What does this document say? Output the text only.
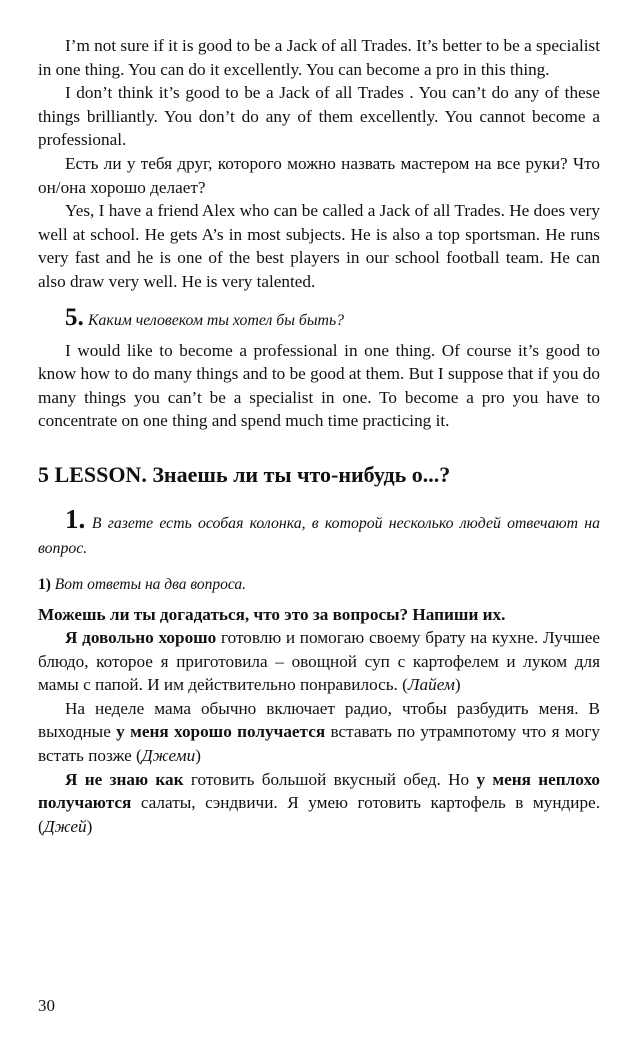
I’m not sure if it is good to be a Jack of all Trades. It’s better to be a specialist in one thing. You can do it excellently. You can become a pro in this thing.

I don’t think it’s good to be a Jack of all Trades . You can’t do any of these things brilliantly. You don’t do any of them excellently. You cannot become a professional.

Есть ли у тебя друг, которого можно назвать мастером на все руки? Что он/она хорошо делает?

Yes, I have a friend Alex who can be called a Jack of all Trades. He does very well at school. He gets A’s in most subjects. He is also a top sportsman. He runs very fast and he is one of the best players in our school football team. He can also draw very well. He is very talented.

5. Каким человеком ты хотел бы быть?

I would like to become a professional in one thing. Of course it’s good to know how to do many things and to be good at them. But I suppose that if you do many things you can’t be a specialist in one. To become a pro you have to concentrate on one thing and spend much time practicing it.

5 LESSON. Знаешь ли ты что-нибудь о...?

1. В газете есть особая колонка, в которой несколько людей отвечают на вопрос.

1) Вот ответы на два вопроса.

Можешь ли ты догадаться, что это за вопросы? Напиши их.

Я довольно хорошо готовлю и помогаю своему брату на кухне. Лучшее блюдо, которое я приготовила – овощной суп с картофелем и луком для мамы с папой. И им действительно понравилось. (Лайем)

На неделе мама обычно включает радио, чтобы разбудить меня. В выходные у меня хорошо получается вставать по утрампотому что я могу встать позже (Джеми)

Я не знаю как готовить большой вкусный обед. Но у меня неплохо получаются салаты, сэндвичи. Я умею готовить картофель в мундире. (Джей)

30
